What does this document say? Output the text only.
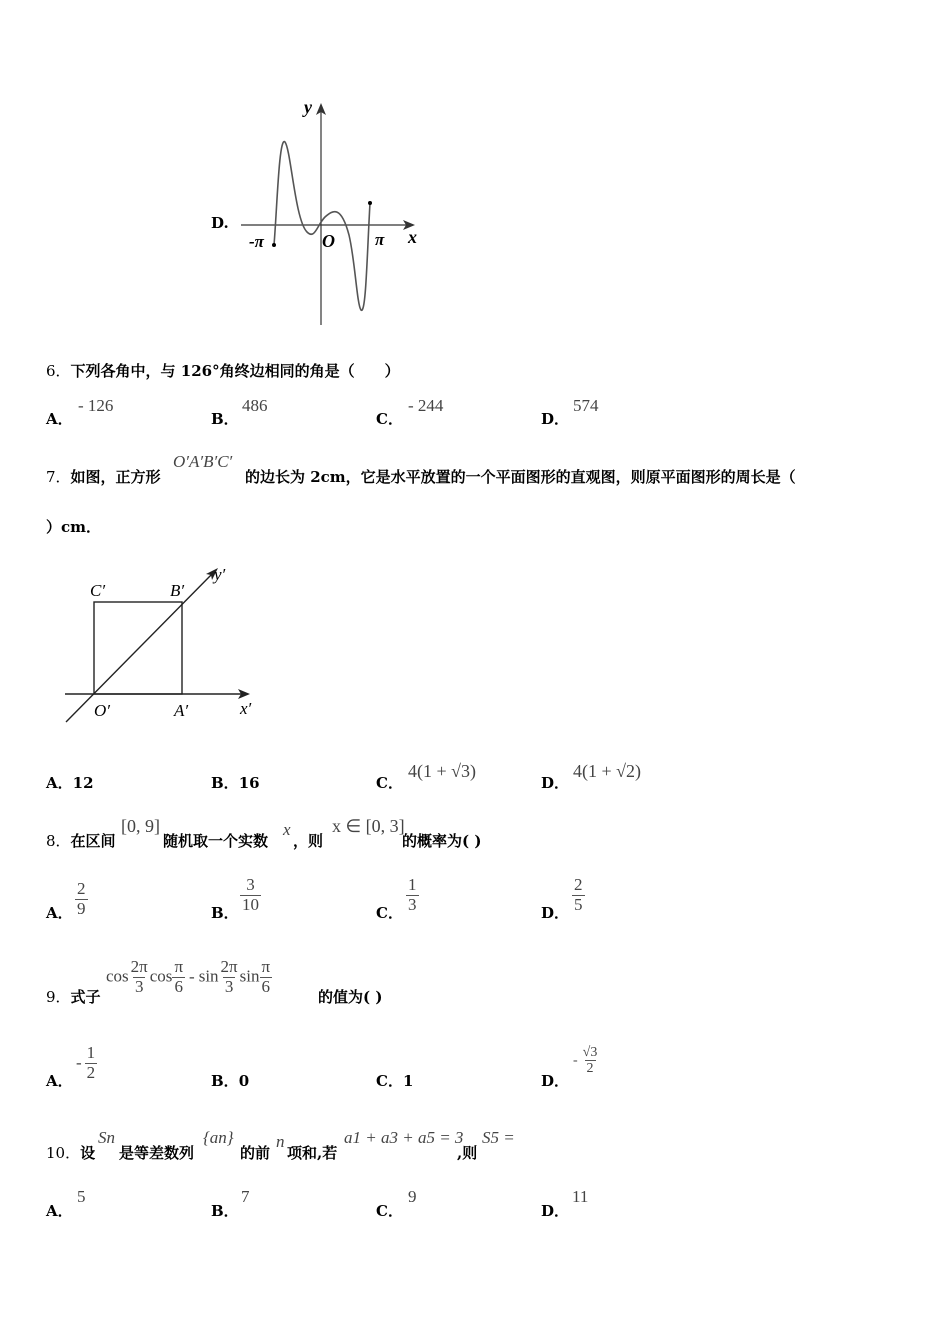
D.
y
x
O
-π	π
6．下列各角中，与 126°角终边相同的角是（　　）
A．
- 126
B．
486
C．
- 244
D．
574
7．如图，正方形
O′A′B′C′
的边长为 2cm，它是水平放置的一个平面图形的直观图，则原平面图形的周长是（
）cm．
C′	B′
y′
O′	A′	x′
A．12	B．16	C．
4(1 + √3)
D．
4(1 + √2)
8．在区间
[0, 9]
随机取一个实数
x
，则
x ∈ [0, 3]
的概率为( )
A． $\frac{2}{9}$	B． $\frac{3}{10}$	C． $\frac{1}{3}$	D． $\frac{2}{5}$
9．式子
$\cos \frac{2\pi}{3}$ $\cos \frac{\pi}{6}$ - $\sin \frac{2\pi}{3}$ $\sin \frac{\pi}{6}$
的值为( )
A．
- $\frac{1}{2}$	B．0	C．1	D．
- $\frac{√3}{2}$
10．设
Sn
是等差数列
{an}
的前
n
项和,若
a1 + a3 + a5 = 3
,则
S5 =
A．
5
B．
7
C．
9
D．
11
